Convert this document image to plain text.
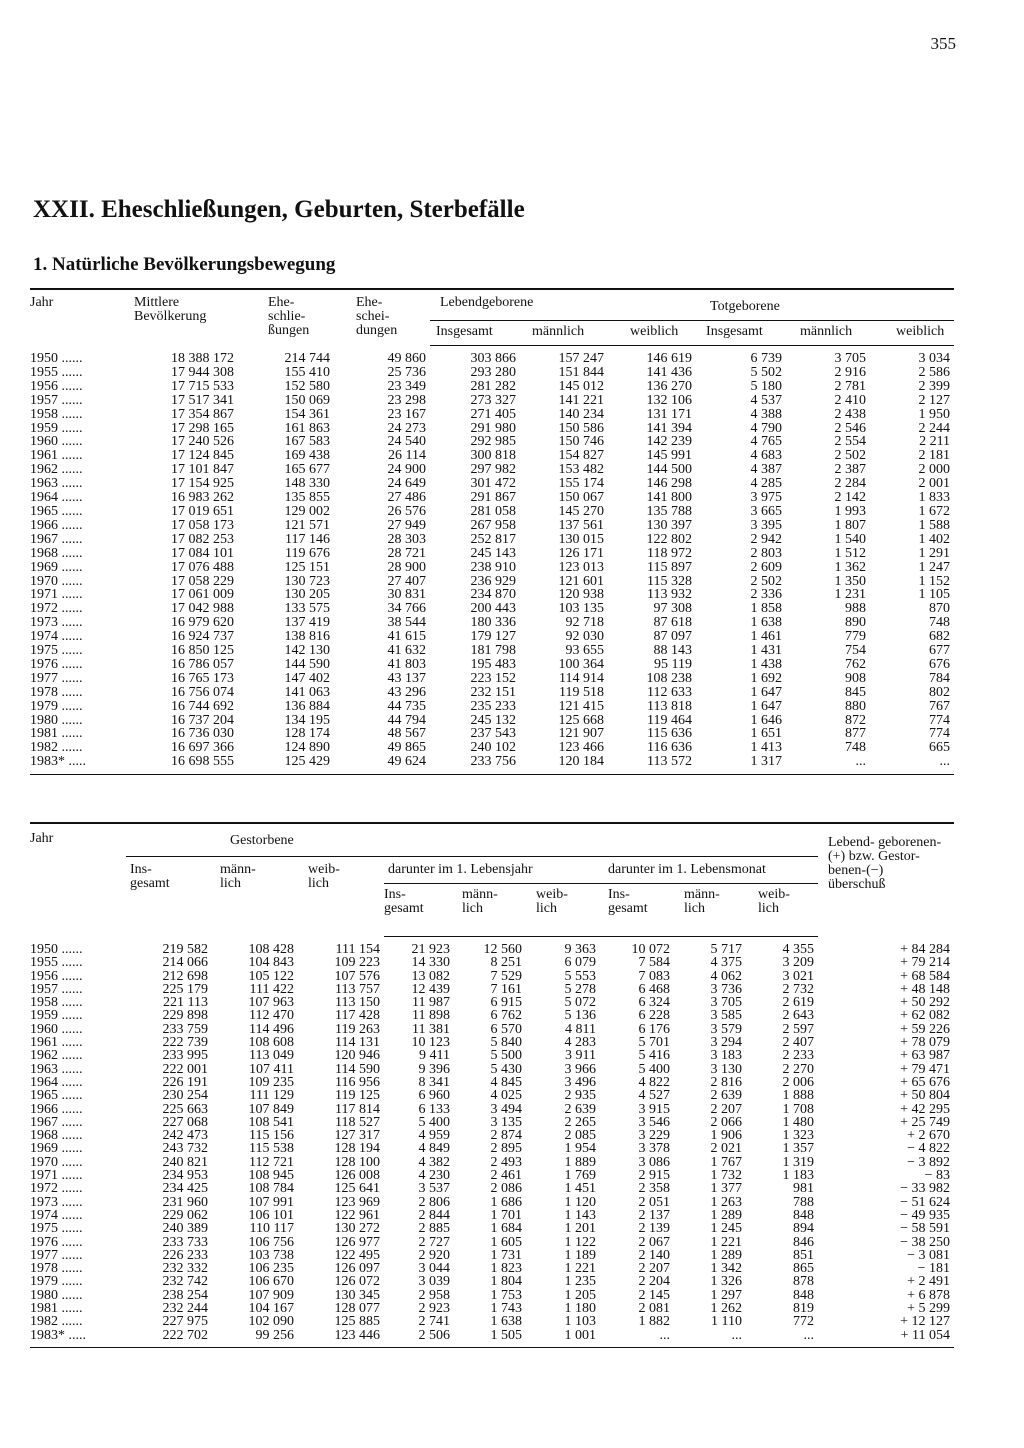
355
XXII. Eheschließungen, Geburten, Sterbefälle
1. Natürliche Bevölkerungsbewegung
Jahr	Mittlere Bevölkerung	Ehe- schlie- ßungen	Ehe- schei- dungen	Lebendgeborene			Totgeborene		
				Insgesamt	männlich	weiblich	Insgesamt	männlich	weiblich
1950 ......	18 388 172	214 744	49 860	303 866	157 247	146 619	6 739	3 705	3 034
1955 ......	17 944 308	155 410	25 736	293 280	151 844	141 436	5 502	2 916	2 586
1956 ......	17 715 533	152 580	23 349	281 282	145 012	136 270	5 180	2 781	2 399
1957 ......	17 517 341	150 069	23 298	273 327	141 221	132 106	4 537	2 410	2 127
1958 ......	17 354 867	154 361	23 167	271 405	140 234	131 171	4 388	2 438	1 950
1959 ......	17 298 165	161 863	24 273	291 980	150 586	141 394	4 790	2 546	2 244
1960 ......	17 240 526	167 583	24 540	292 985	150 746	142 239	4 765	2 554	2 211
1961 ......	17 124 845	169 438	26 114	300 818	154 827	145 991	4 683	2 502	2 181
1962 ......	17 101 847	165 677	24 900	297 982	153 482	144 500	4 387	2 387	2 000
1963 ......	17 154 925	148 330	24 649	301 472	155 174	146 298	4 285	2 284	2 001
1964 ......	16 983 262	135 855	27 486	291 867	150 067	141 800	3 975	2 142	1 833
1965 ......	17 019 651	129 002	26 576	281 058	145 270	135 788	3 665	1 993	1 672
1966 ......	17 058 173	121 571	27 949	267 958	137 561	130 397	3 395	1 807	1 588
1967 ......	17 082 253	117 146	28 303	252 817	130 015	122 802	2 942	1 540	1 402
1968 ......	17 084 101	119 676	28 721	245 143	126 171	118 972	2 803	1 512	1 291
1969 ......	17 076 488	125 151	28 900	238 910	123 013	115 897	2 609	1 362	1 247
1970 ......	17 058 229	130 723	27 407	236 929	121 601	115 328	2 502	1 350	1 152
1971 ......	17 061 009	130 205	30 831	234 870	120 938	113 932	2 336	1 231	1 105
1972 ......	17 042 988	133 575	34 766	200 443	103 135	97 308	1 858	988	870
1973 ......	16 979 620	137 419	38 544	180 336	92 718	87 618	1 638	890	748
1974 ......	16 924 737	138 816	41 615	179 127	92 030	87 097	1 461	779	682
1975 ......	16 850 125	142 130	41 632	181 798	93 655	88 143	1 431	754	677
1976 ......	16 786 057	144 590	41 803	195 483	100 364	95 119	1 438	762	676
1977 ......	16 765 173	147 402	43 137	223 152	114 914	108 238	1 692	908	784
1978 ......	16 756 074	141 063	43 296	232 151	119 518	112 633	1 647	845	802
1979 ......	16 744 692	136 884	44 735	235 233	121 415	113 818	1 647	880	767
1980 ......	16 737 204	134 195	44 794	245 132	125 668	119 464	1 646	872	774
1981 ......	16 736 030	128 174	48 567	237 543	121 907	115 636	1 651	877	774
1982 ......	16 697 366	124 890	49 865	240 102	123 466	116 636	1 413	748	665
1983* .....	16 698 555	125 429	49 624	233 756	120 184	113 572	1 317	...	...
Jahr	Gestorbene									Lebend- geborenen-(+) bzw. Gestor- benen-(−) überschuß

	Ins- gesamt	männ- lich	weib- lich	darunter im 1. Lebensjahr			darunter im 1. Lebensmonat			

				Ins- gesamt	männ- lich	weib- lich	Ins- gesamt	männ- lich	weib- lich	

1950 ......	219 582	108 428	111 154	21 923	12 560	9 363	10 072	5 717	4 355	+ 84 284
1955 ......	214 066	104 843	109 223	14 330	8 251	6 079	7 584	4 375	3 209	+ 79 214
1956 ......	212 698	105 122	107 576	13 082	7 529	5 553	7 083	4 062	3 021	+ 68 584
1957 ......	225 179	111 422	113 757	12 439	7 161	5 278	6 468	3 736	2 732	+ 48 148
1958 ......	221 113	107 963	113 150	11 987	6 915	5 072	6 324	3 705	2 619	+ 50 292
1959 ......	229 898	112 470	117 428	11 898	6 762	5 136	6 228	3 585	2 643	+ 62 082
1960 ......	233 759	114 496	119 263	11 381	6 570	4 811	6 176	3 579	2 597	+ 59 226
1961 ......	222 739	108 608	114 131	10 123	5 840	4 283	5 701	3 294	2 407	+ 78 079
1962 ......	233 995	113 049	120 946	9 411	5 500	3 911	5 416	3 183	2 233	+ 63 987
1963 ......	222 001	107 411	114 590	9 396	5 430	3 966	5 400	3 130	2 270	+ 79 471
1964 ......	226 191	109 235	116 956	8 341	4 845	3 496	4 822	2 816	2 006	+ 65 676
1965 ......	230 254	111 129	119 125	6 960	4 025	2 935	4 527	2 639	1 888	+ 50 804
1966 ......	225 663	107 849	117 814	6 133	3 494	2 639	3 915	2 207	1 708	+ 42 295
1967 ......	227 068	108 541	118 527	5 400	3 135	2 265	3 546	2 066	1 480	+ 25 749
1968 ......	242 473	115 156	127 317	4 959	2 874	2 085	3 229	1 906	1 323	+ 2 670
1969 ......	243 732	115 538	128 194	4 849	2 895	1 954	3 378	2 021	1 357	− 4 822
1970 ......	240 821	112 721	128 100	4 382	2 493	1 889	3 086	1 767	1 319	− 3 892
1971 ......	234 953	108 945	126 008	4 230	2 461	1 769	2 915	1 732	1 183	− 83
1972 ......	234 425	108 784	125 641	3 537	2 086	1 451	2 358	1 377	981	− 33 982
1973 ......	231 960	107 991	123 969	2 806	1 686	1 120	2 051	1 263	788	− 51 624
1974 ......	229 062	106 101	122 961	2 844	1 701	1 143	2 137	1 289	848	− 49 935
1975 ......	240 389	110 117	130 272	2 885	1 684	1 201	2 139	1 245	894	− 58 591
1976 ......	233 733	106 756	126 977	2 727	1 605	1 122	2 067	1 221	846	− 38 250
1977 ......	226 233	103 738	122 495	2 920	1 731	1 189	2 140	1 289	851	− 3 081
1978 ......	232 332	106 235	126 097	3 044	1 823	1 221	2 207	1 342	865	− 181
1979 ......	232 742	106 670	126 072	3 039	1 804	1 235	2 204	1 326	878	+ 2 491
1980 ......	238 254	107 909	130 345	2 958	1 753	1 205	2 145	1 297	848	+ 6 878
1981 ......	232 244	104 167	128 077	2 923	1 743	1 180	2 081	1 262	819	+ 5 299
1982 ......	227 975	102 090	125 885	2 741	1 638	1 103	1 882	1 110	772	+ 12 127
1983* .....	222 702	99 256	123 446	2 506	1 505	1 001	...	...	...	+ 11 054
